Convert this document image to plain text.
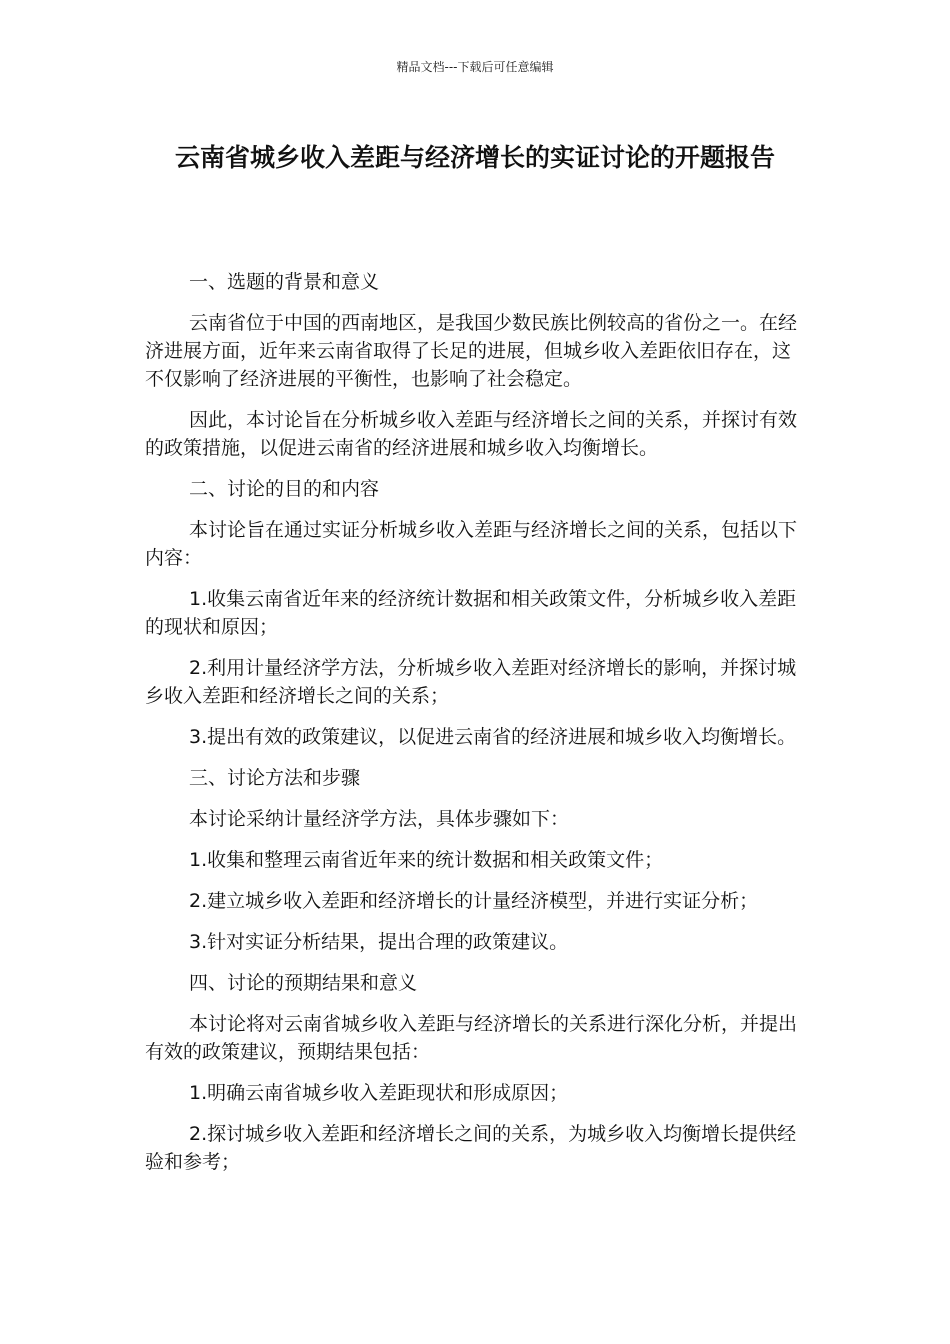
精品文档---下载后可任意编辑
云南省城乡收入差距与经济增长的实证讨论的开题报告

一、选题的背景和意义

云南省位于中国的西南地区，是我国少数民族比例较高的省份之一。在经济进展方面，近年来云南省取得了长足的进展，但城乡收入差距依旧存在，这不仅影响了经济进展的平衡性，也影响了社会稳定。

因此，本讨论旨在分析城乡收入差距与经济增长之间的关系，并探讨有效的政策措施，以促进云南省的经济进展和城乡收入均衡增长。

二、讨论的目的和内容

本讨论旨在通过实证分析城乡收入差距与经济增长之间的关系，包括以下内容：

1.收集云南省近年来的经济统计数据和相关政策文件，分析城乡收入差距的现状和原因；

2.利用计量经济学方法，分析城乡收入差距对经济增长的影响，并探讨城乡收入差距和经济增长之间的关系；

3.提出有效的政策建议，以促进云南省的经济进展和城乡收入均衡增长。

三、讨论方法和步骤

本讨论采纳计量经济学方法，具体步骤如下：

1.收集和整理云南省近年来的统计数据和相关政策文件；

2.建立城乡收入差距和经济增长的计量经济模型，并进行实证分析；

3.针对实证分析结果，提出合理的政策建议。

四、讨论的预期结果和意义

本讨论将对云南省城乡收入差距与经济增长的关系进行深化分析，并提出有效的政策建议，预期结果包括：

1.明确云南省城乡收入差距现状和形成原因；

2.探讨城乡收入差距和经济增长之间的关系，为城乡收入均衡增长提供经验和参考；
